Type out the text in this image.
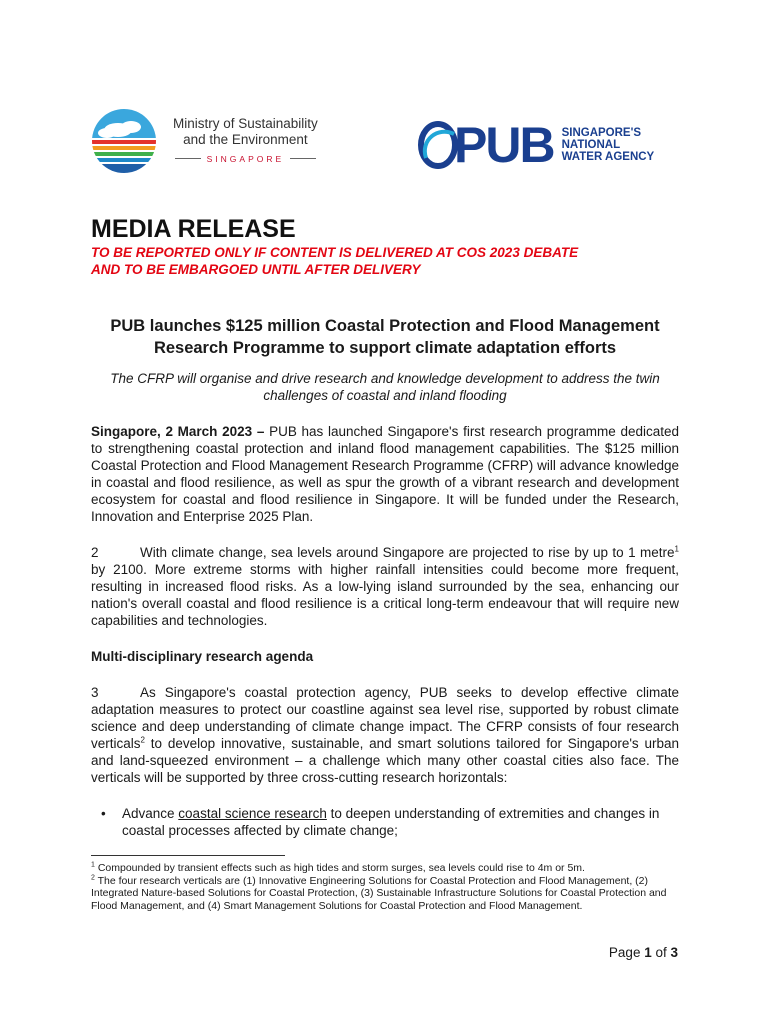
Ministry of Sustainability
and the Environment
SINGAPORE	PUB SINGAPORE'S
NATIONAL
WATER AGENCY
MEDIA RELEASE
TO BE REPORTED ONLY IF CONTENT IS DELIVERED AT COS 2023 DEBATE
AND TO BE EMBARGOED UNTIL AFTER DELIVERY
PUB launches $125 million Coastal Protection and Flood Management
Research Programme to support climate adaptation efforts
The CFRP will organise and drive research and knowledge development to address the twin
challenges of coastal and inland flooding

Singapore, 2 March 2023 – PUB has launched Singapore's first research programme dedicated to strengthening coastal protection and inland flood management capabilities. The $125 million Coastal Protection and Flood Management Research Programme (CFRP) will advance knowledge in coastal and flood resilience, as well as spur the growth of a vibrant research and development ecosystem for coastal and flood resilience in Singapore. It will be funded under the Research, Innovation and Enterprise 2025 Plan.

2	With climate change, sea levels around Singapore are projected to rise by up to 1 metre$^1$ by 2100. More extreme storms with higher rainfall intensities could become more frequent, resulting in increased flood risks. As a low-lying island surrounded by the sea, enhancing our nation's overall coastal and flood resilience is a critical long-term endeavour that will require new capabilities and technologies.

Multi-disciplinary research agenda

3	As Singapore's coastal protection agency, PUB seeks to develop effective climate adaptation measures to protect our coastline against sea level rise, supported by robust climate science and deep understanding of climate change impact. The CFRP consists of four research verticals$^2$ to develop innovative, sustainable, and smart solutions tailored for Singapore's urban and land-squeezed environment – a challenge which many other coastal cities also face. The verticals will be supported by three cross-cutting research horizontals:

• Advance coastal science research to deepen understanding of extremities and changes in coastal processes affected by climate change;
$^1$ Compounded by transient effects such as high tides and storm surges, sea levels could rise to 4m or 5m.
$^2$ The four research verticals are (1) Innovative Engineering Solutions for Coastal Protection and Flood Management, (2) Integrated Nature-based Solutions for Coastal Protection, (3) Sustainable Infrastructure Solutions for Coastal Protection and Flood Management, and (4) Smart Management Solutions for Coastal Protection and Flood Management.
Page 1 of 3
